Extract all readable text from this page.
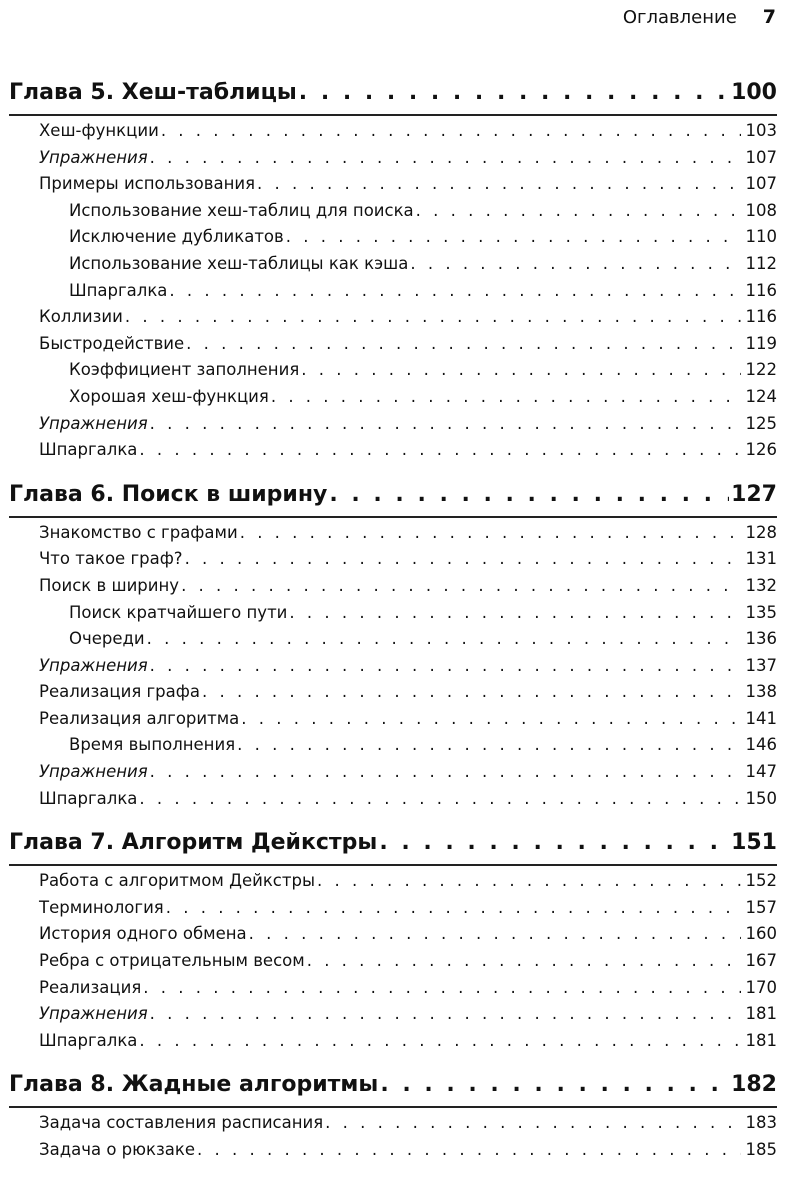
Оглавление 7
Глава 5. Хеш-таблицы . . .	100
Хеш-функции . . .	103
Упражнения . . .	107
Примеры использования . . .	107
Использование хеш-таблиц для поиска . . .	108
Исключение дубликатов . . .	110
Использование хеш-таблицы как кэша . . .	112
Шпаргалка . . .	116
Коллизии . . .	116
Быстродействие . . .	119
Коэффициент заполнения . . .	122
Хорошая хеш-функция . . .	124
Упражнения . . .	125
Шпаргалка . . .	126
Глава 6. Поиск в ширину . . .	127
Знакомство с графами . . .	128
Что такое граф? . . .	131
Поиск в ширину . . .	132
Поиск кратчайшего пути . . .	135
Очереди . . .	136
Упражнения . . .	137
Реализация графа . . .	138
Реализация алгоритма . . .	141
Время выполнения . . .	146
Упражнения . . .	147
Шпаргалка . . .	150
Глава 7. Алгоритм Дейкстры . . .	151
Работа с алгоритмом Дейкстры . . .	152
Терминология . . .	157
История одного обмена . . .	160
Ребра с отрицательным весом . . .	167
Реализация . . .	170
Упражнения . . .	181
Шпаргалка . . .	181
Глава 8. Жадные алгоритмы . . .	182
Задача составления расписания . . .	183
Задача о рюкзаке . . .	185
